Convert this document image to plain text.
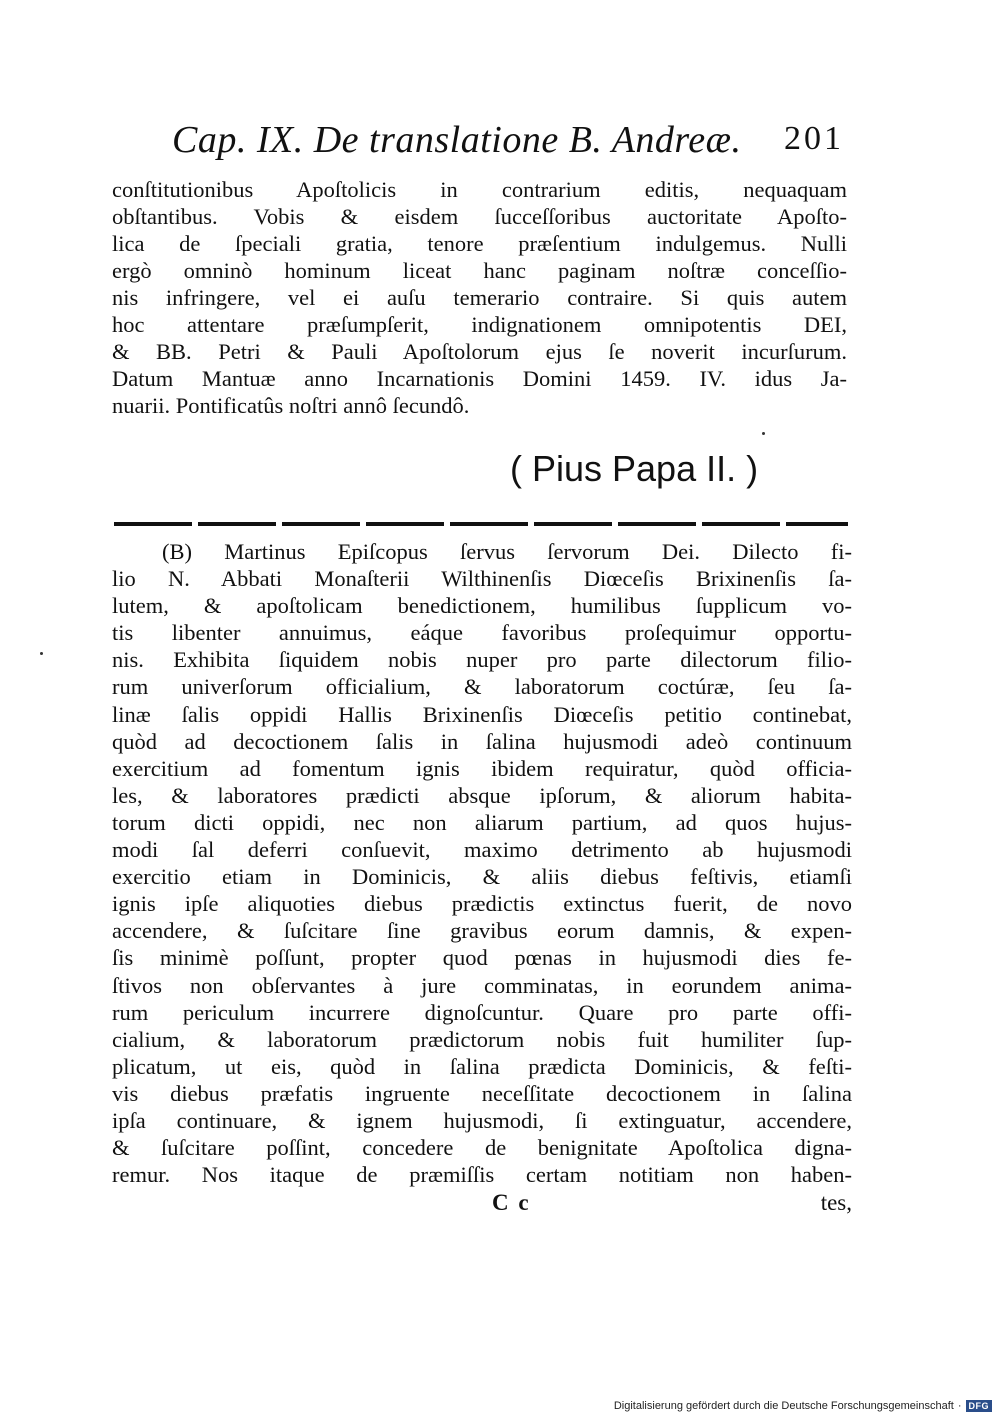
Cap. IX. De translatione B. Andreæ. 201
conſtitutionibus Apoſtolicis in contrarium editis, nequaquam
obſtantibus. Vobis & eisdem ſucceſſoribus auctoritate Apoſto-
lica de ſpeciali gratia, tenore præſentium indulgemus. Nulli
ergò omninò hominum liceat hanc paginam noſtræ conceſſio-
nis infringere, vel ei auſu temerario contraire. Si quis autem
hoc attentare præſumpſerit, indignationem omnipotentis DEI,
& BB. Petri & Pauli Apoſtolorum ejus ſe noverit incurſurum.
Datum Mantuæ anno Incarnationis Domini 1459. IV. idus Ja-
nuarii. Pontificatûs noſtri annô ſecundô.
( Pius Papa II. )
(B) Martinus Epiſcopus ſervus ſervorum Dei. Dilecto fi-
lio N. Abbati Monaſterii Wilthinenſis Diœceſis Brixinenſis ſa-
lutem, & apoſtolicam benedictionem, humilibus ſupplicum vo-
tis libenter annuimus, eáque favoribus proſequimur opportu-
nis. Exhibita ſiquidem nobis nuper pro parte dilectorum filio-
rum univerſorum officialium, & laboratorum coctúræ, ſeu ſa-
linæ ſalis oppidi Hallis Brixinenſis Diœceſis petitio continebat,
quòd ad decoctionem ſalis in ſalina hujusmodi adeò continuum
exercitium ad fomentum ignis ibidem requiratur, quòd officia-
les, & laboratores prædicti absque ipſorum, & aliorum habita-
torum dicti oppidi, nec non aliarum partium, ad quos hujus-
modi ſal deferri conſuevit, maximo detrimento ab hujusmodi
exercitio etiam in Dominicis, & aliis diebus feſtivis, etiamſi
ignis ipſe aliquoties diebus prædictis extinctus fuerit, de novo
accendere, & ſuſcitare ſine gravibus eorum damnis, & expen-
ſis minimè poſſunt, propter quod pœnas in hujusmodi dies fe-
ſtivos non obſervantes à jure comminatas, in eorundem anima-
rum periculum incurrere dignoſcuntur. Quare pro parte offi-
cialium, & laboratorum prædictorum nobis fuit humiliter ſup-
plicatum, ut eis, quòd in ſalina prædicta Dominicis, & feſti-
vis diebus præfatis ingruente neceſſitate decoctionem in ſalina
ipſa continuare, & ignem hujusmodi, ſi extinguatur, accendere,
& ſuſcitare poſſint, concedere de benignitate Apoſtolica digna-
remur. Nos itaque de præmiſſis certam notitiam non haben-
C c	tes,
Digitalisierung gefördert durch die Deutsche Forschungsgemeinschaft · DFG
